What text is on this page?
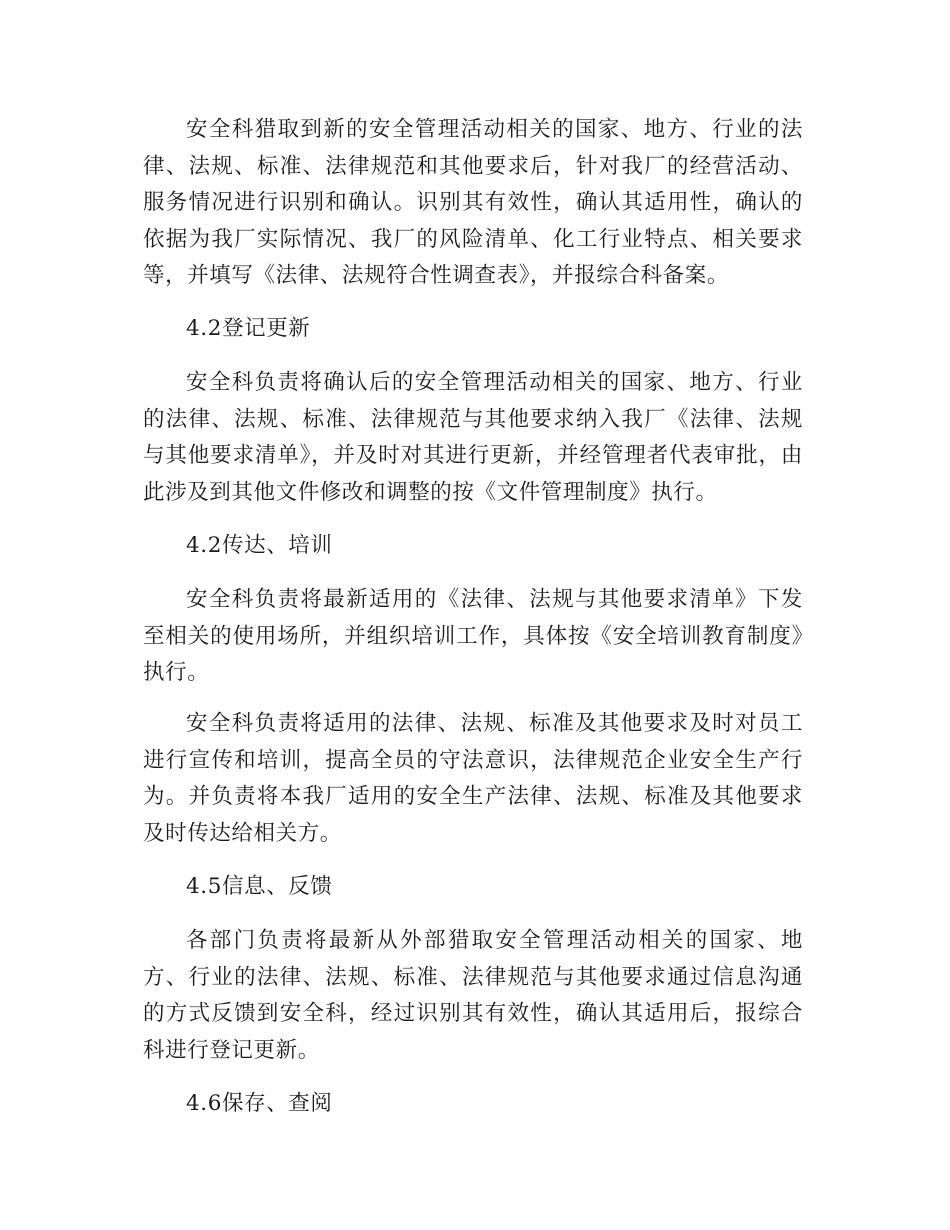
安全科猎取到新的安全管理活动相关的国家、地方、行业的法律、法规、标准、法律规范和其他要求后，针对我厂的经营活动、服务情况进行识别和确认。识别其有效性，确认其适用性，确认的依据为我厂实际情况、我厂的风险清单、化工行业特点、相关要求等，并填写《法律、法规符合性调查表》，并报综合科备案。

4.2登记更新

安全科负责将确认后的安全管理活动相关的国家、地方、行业的法律、法规、标准、法律规范与其他要求纳入我厂《法律、法规与其他要求清单》，并及时对其进行更新，并经管理者代表审批，由此涉及到其他文件修改和调整的按《文件管理制度》执行。

4.2传达、培训

安全科负责将最新适用的《法律、法规与其他要求清单》下发至相关的使用场所，并组织培训工作，具体按《安全培训教育制度》执行。

安全科负责将适用的法律、法规、标准及其他要求及时对员工进行宣传和培训，提高全员的守法意识，法律规范企业安全生产行为。并负责将本我厂适用的安全生产法律、法规、标准及其他要求及时传达给相关方。

4.5信息、反馈

各部门负责将最新从外部猎取安全管理活动相关的国家、地方、行业的法律、法规、标准、法律规范与其他要求通过信息沟通的方式反馈到安全科，经过识别其有效性，确认其适用后，报综合科进行登记更新。

4.6保存、查阅
